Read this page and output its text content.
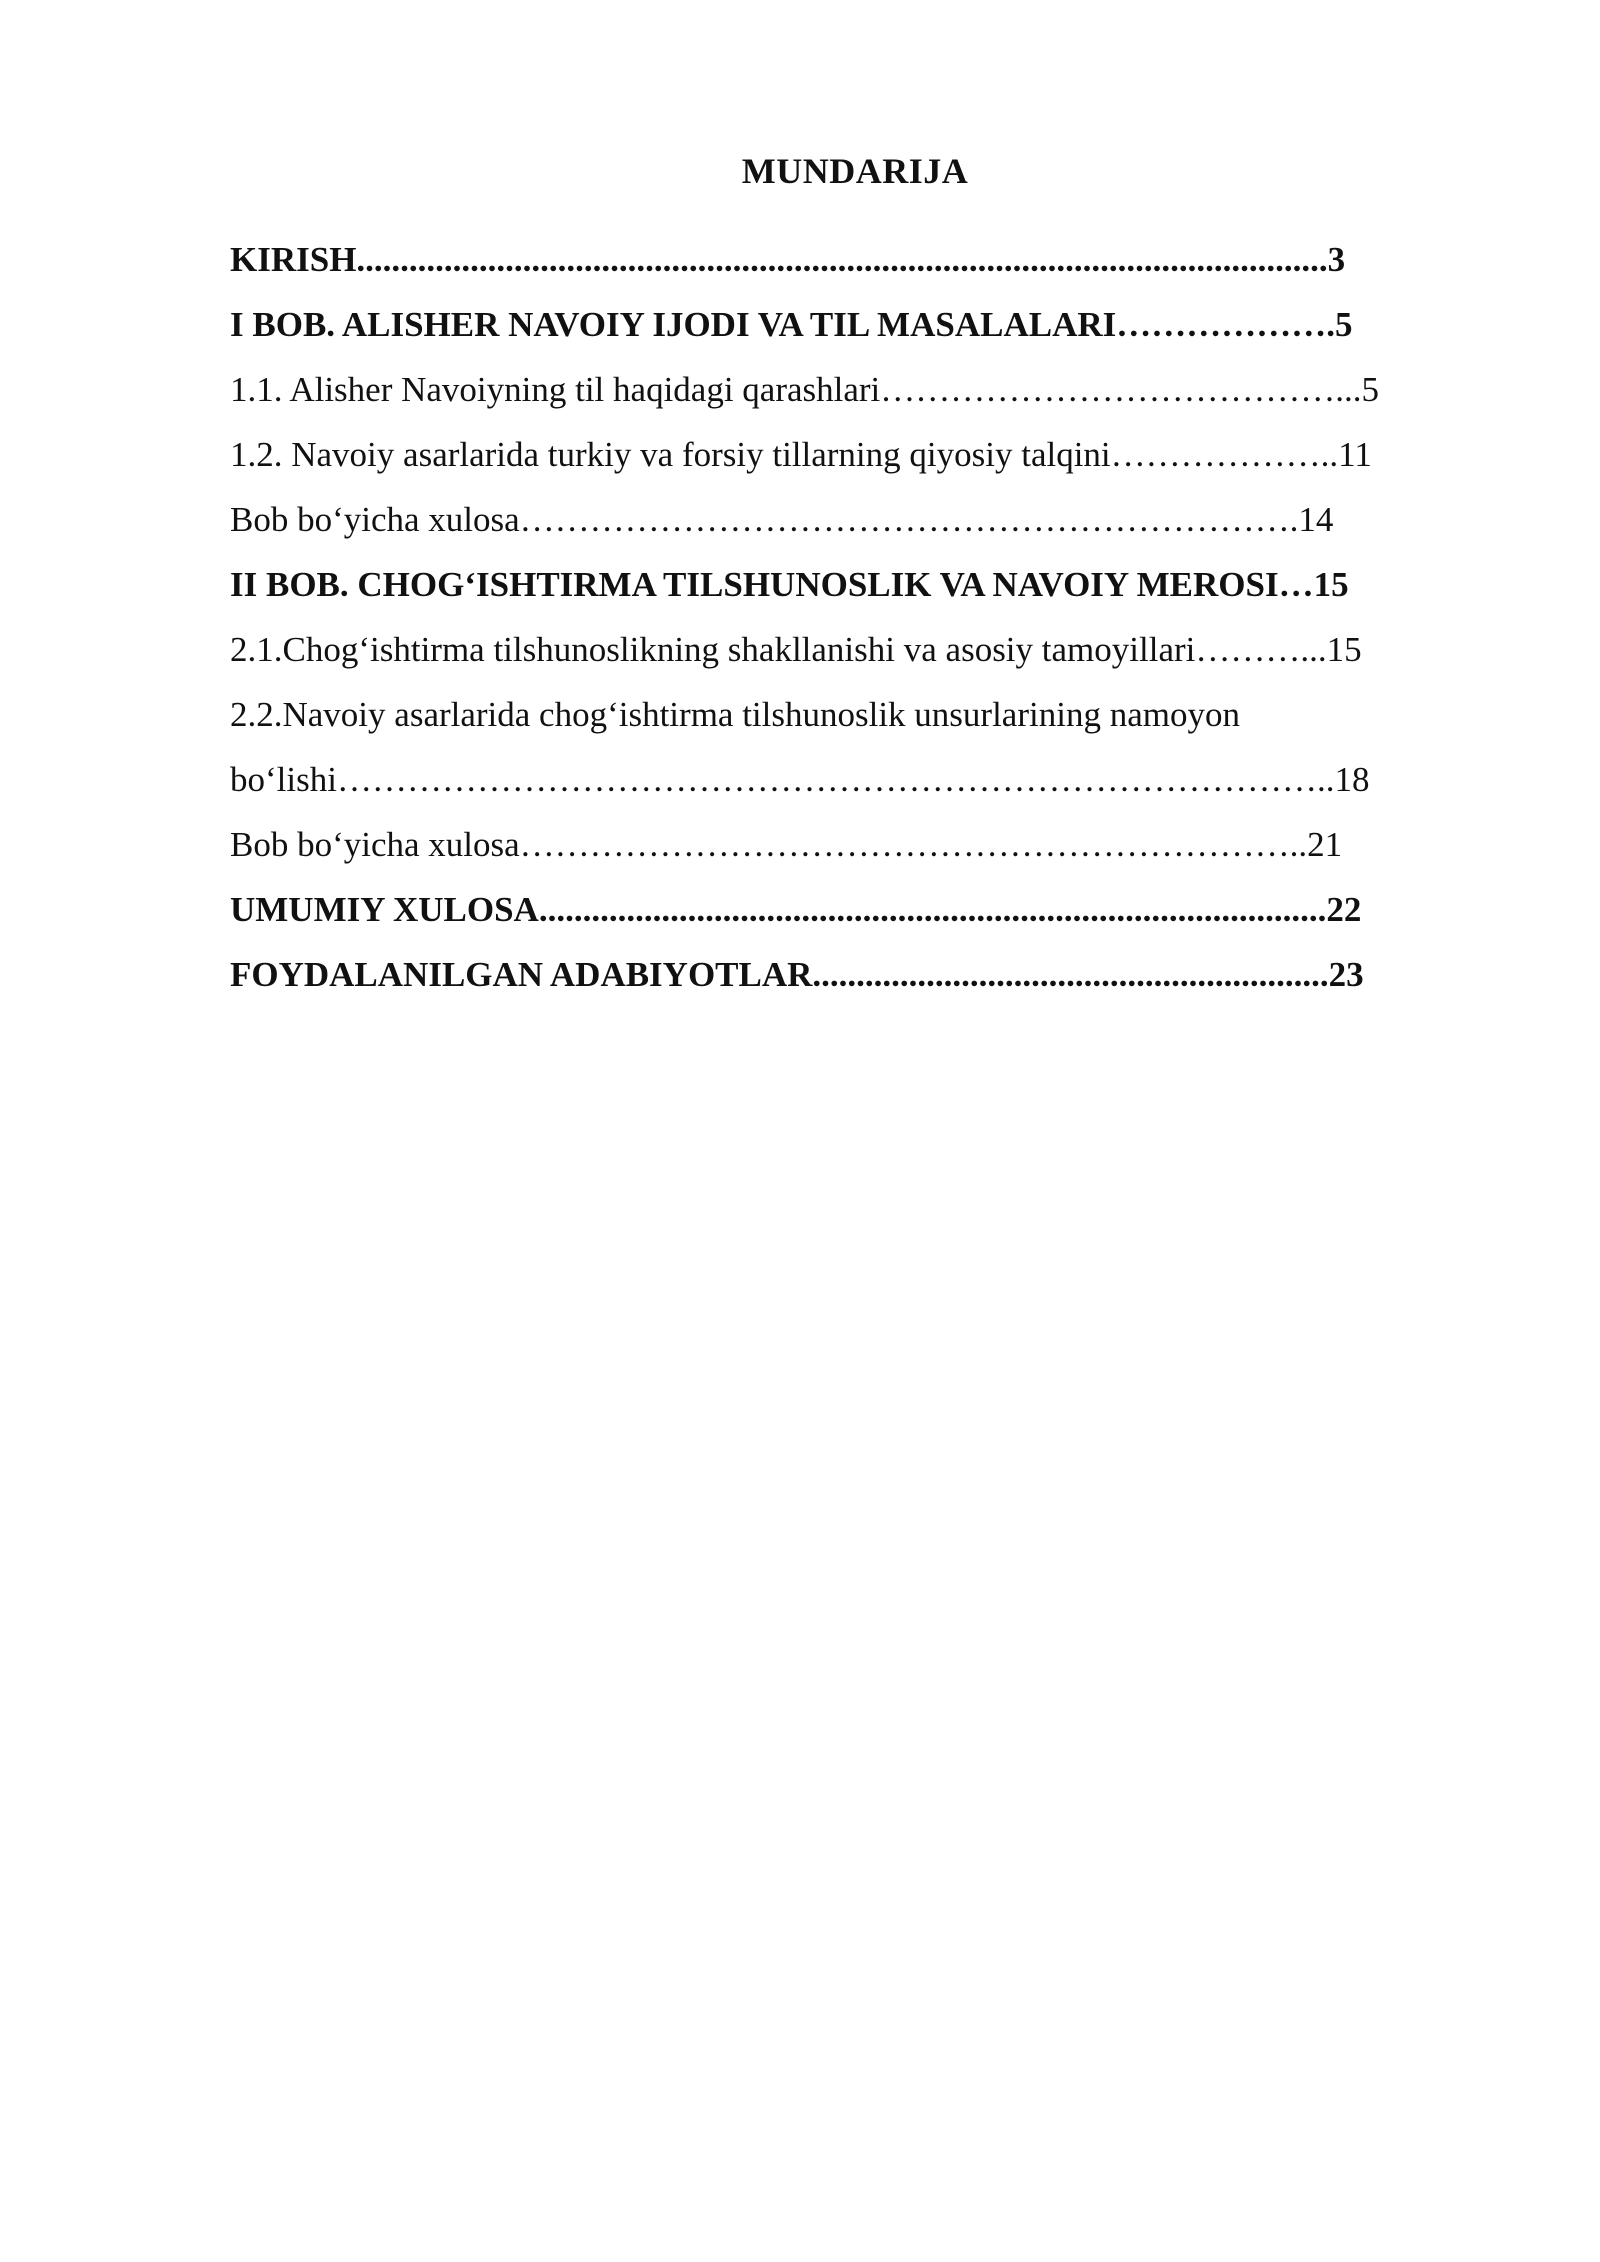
MUNDARIJA
KIRISH...............................................................................................................3
I BOB. ALISHER NAVOIY IJODI VA TIL MASALALARI……………….5
1.1. Alisher Navoiyning til haqidagi qarashlari…………………………………...5
1.2. Navoiy asarlarida turkiy va forsiy tillarning qiyosiy talqini………………..11
Bob bo‘yicha xulosa………………………………………………………….14
II BOB. CHOG‘ISHTIRMA TILSHUNOSLIK VA NAVOIY MEROSI…15
2.1.Chog‘ishtirma tilshunoslikning shakllanishi va asosiy tamoyillari………...15
2.2.Navoiy asarlarida chog‘ishtirma tilshunoslik unsurlarining namoyon
bo‘lishi…………………………………………………………………………..18
Bob bo‘yicha xulosa…………………………………………………………..21
UMUMIY XULOSA..........................................................................................22
FOYDALANILGAN ADABIYOTLAR...........................................................23
